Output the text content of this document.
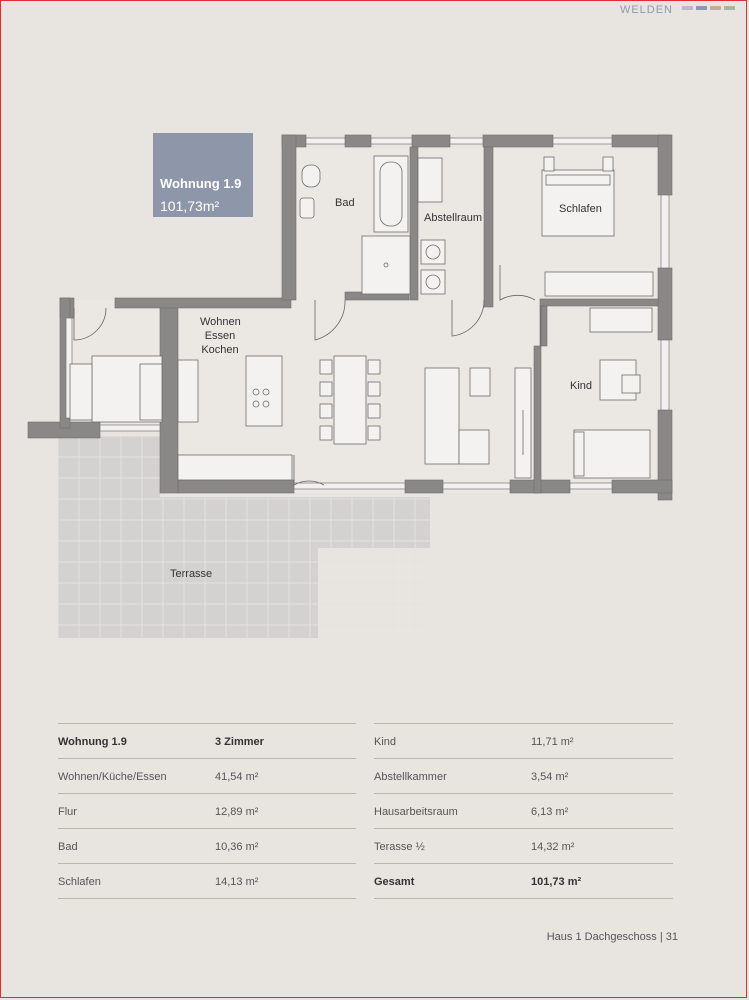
WELDEN
Wohnung 1.9
101,73m²	Bad
Abstellraum
Schlafen
Wohnen
Essen
Kochen
Kind
Terrasse
Wohnung 1.9	3 Zimmer
Wohnen/Küche/Essen	41,54 m²
Flur	12,89 m²
Bad	10,36 m²
Schlafen	14,13 m²
Kind	11,71 m²
Abstellkammer	3,54 m²
Hausarbeitsraum	6,13 m²
Terasse ½	14,32 m²
Gesamt	101,73 m²
Haus 1 Dachgeschoss | 31
